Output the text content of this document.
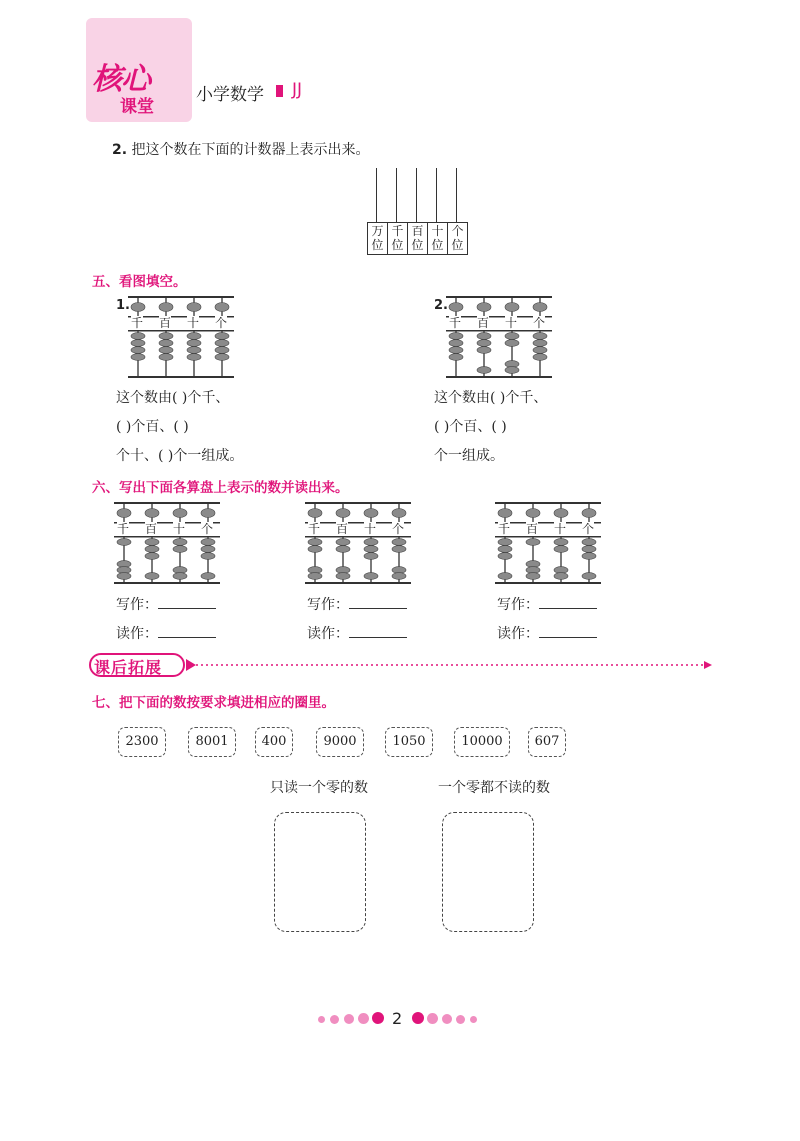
核心
课堂
小学数学 JJ
2. 把这个数在下面的计数器上表示出来。
万位
千位
百位
十位
个位
五、看图填空。
1.
千 百 十 个
这个数由( )个千、
( )个百、( )
个十、( )个一组成。
2.
千 百 十 个
这个数由( )个千、
( )个百、( )
个一组成。
六、写出下面各算盘上表示的数并读出来。
千 百 十 个	千 百 十 个	千 百 十 个
写作：
读作：
写作：
读作：
写作：
读作：
课后拓展
七、把下面的数按要求填进相应的圈里。
2300	8001	400	9000	1050	10000	607
只读一个零的数	一个零都不读的数
2
